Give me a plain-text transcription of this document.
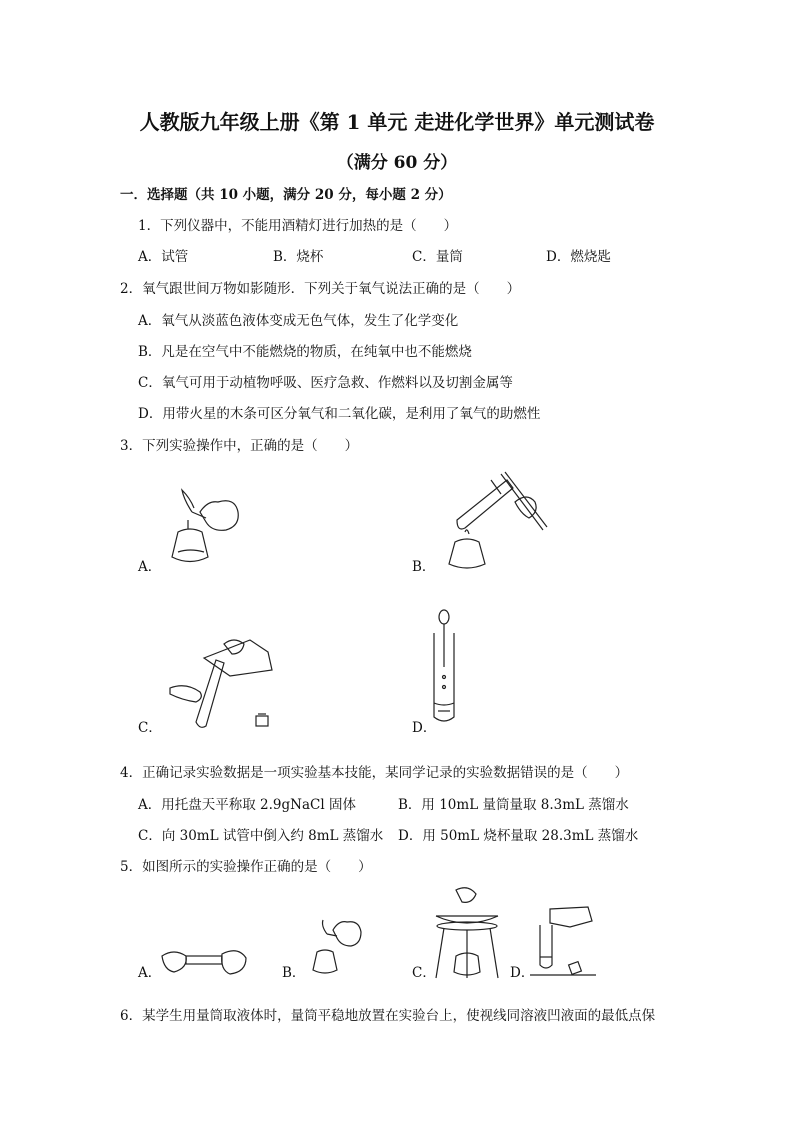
人教版九年级上册《第 1 单元 走进化学世界》单元测试卷
（满分 60 分）
一．选择题（共 10 小题，满分 20 分，每小题 2 分）
1．下列仪器中，不能用酒精灯进行加热的是（　　）
A．试管	B．烧杯	C．量筒	D．燃烧匙
2．氧气跟世间万物如影随形．下列关于氧气说法正确的是（　　）
A．氧气从淡蓝色液体变成无色气体，发生了化学变化
B．凡是在空气中不能燃烧的物质，在纯氧中也不能燃烧
C．氧气可用于动植物呼吸、医疗急救、作燃料以及切割金属等
D．用带火星的木条可区分氧气和二氧化碳，是利用了氧气的助燃性
3．下列实验操作中，正确的是（　　）
A．	B．
C．	D．
4．正确记录实验数据是一项实验基本技能，某同学记录的实验数据错误的是（　　）
A．用托盘天平称取 2.9gNaCl 固体	B．用 10mL 量筒量取 8.3mL 蒸馏水
C．向 30mL 试管中倒入约 8mL 蒸馏水 D．用 50mL 烧杯量取 28.3mL 蒸馏水
5．如图所示的实验操作正确的是（　　）
A．	B．	C．	D．
6．某学生用量筒取液体时，量筒平稳地放置在实验台上，使视线同溶液凹液面的最低点保
